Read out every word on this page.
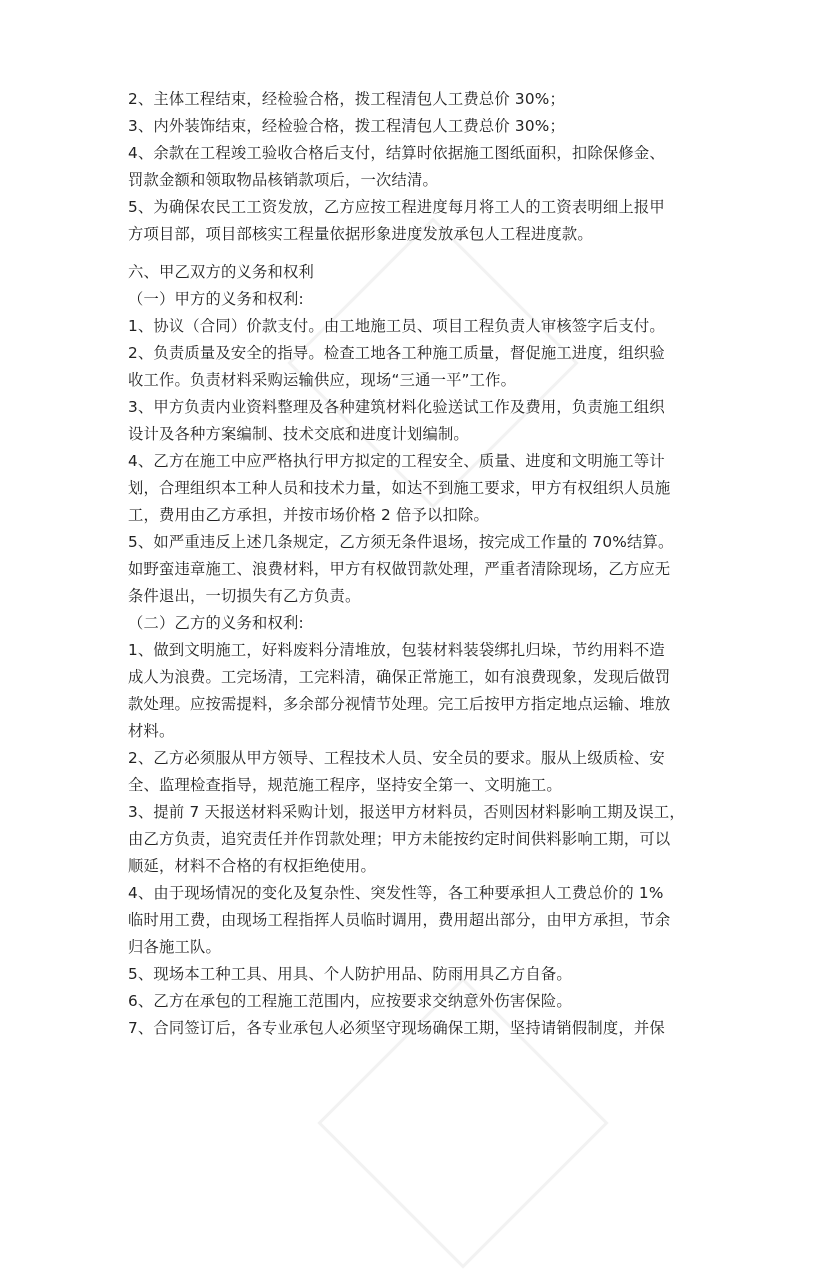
2、主体工程结束，经检验合格，拨工程清包人工费总价 30%；
3、内外装饰结束，经检验合格，拨工程清包人工费总价 30%；
4、余款在工程竣工验收合格后支付，结算时依据施工图纸面积，扣除保修金、
罚款金额和领取物品核销款项后，一次结清。
5、为确保农民工工资发放，乙方应按工程进度每月将工人的工资表明细上报甲
方项目部，项目部核实工程量依据形象进度发放承包人工程进度款。
六、甲乙双方的义务和权利
（一）甲方的义务和权利:
1、协议（合同）价款支付。由工地施工员、项目工程负责人审核签字后支付。
2、负责质量及安全的指导。检查工地各工种施工质量，督促施工进度，组织验
收工作。负责材料采购运输供应，现场“三通一平”工作。
3、甲方负责内业资料整理及各种建筑材料化验送试工作及费用，负责施工组织
设计及各种方案编制、技术交底和进度计划编制。
4、乙方在施工中应严格执行甲方拟定的工程安全、质量、进度和文明施工等计
划，合理组织本工种人员和技术力量，如达不到施工要求，甲方有权组织人员施
工，费用由乙方承担，并按市场价格 2 倍予以扣除。
5、如严重违反上述几条规定，乙方须无条件退场，按完成工作量的 70%结算。
如野蛮违章施工、浪费材料，甲方有权做罚款处理，严重者清除现场，乙方应无
条件退出，一切损失有乙方负责。
（二）乙方的义务和权利:
1、做到文明施工，好料废料分清堆放，包装材料装袋绑扎归垛，节约用料不造
成人为浪费。工完场清，工完料清，确保正常施工，如有浪费现象，发现后做罚
款处理。应按需提料，多余部分视情节处理。完工后按甲方指定地点运输、堆放
材料。
2、乙方必须服从甲方领导、工程技术人员、安全员的要求。服从上级质检、安
全、监理检查指导，规范施工程序，坚持安全第一、文明施工。
3、提前 7 天报送材料采购计划，报送甲方材料员，否则因材料影响工期及误工，
由乙方负责，追究责任并作罚款处理；甲方未能按约定时间供料影响工期，可以
顺延，材料不合格的有权拒绝使用。
4、由于现场情况的变化及复杂性、突发性等，各工种要承担人工费总价的 1%
临时用工费，由现场工程指挥人员临时调用，费用超出部分，由甲方承担，节余
归各施工队。
5、现场本工种工具、用具、个人防护用品、防雨用具乙方自备。
6、乙方在承包的工程施工范围内，应按要求交纳意外伤害保险。
7、合同签订后，各专业承包人必须坚守现场确保工期，坚持请销假制度，并保
